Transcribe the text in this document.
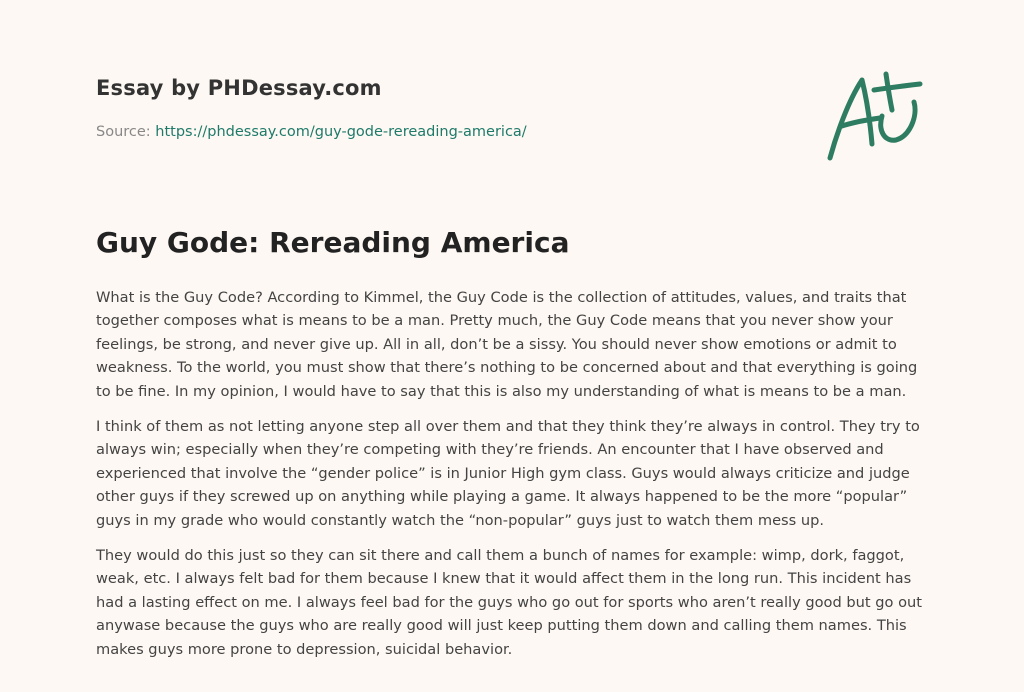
Essay by PHDessay.com
Source: https://phdessay.com/guy-gode-rereading-america/
Guy Gode: Rereading America

What is the Guy Code? According to Kimmel, the Guy Code is the collection of attitudes, values, and traits that together composes what is means to be a man. Pretty much, the Guy Code means that you never show your feelings, be strong, and never give up. All in all, don’t be a sissy. You should never show emotions or admit to weakness. To the world, you must show that there’s nothing to be concerned about and that everything is going to be fine. In my opinion, I would have to say that this is also my understanding of what is means to be a man.

I think of them as not letting anyone step all over them and that they think they’re always in control. They try to always win; especially when they’re competing with they’re friends. An encounter that I have observed and experienced that involve the “gender police” is in Junior High gym class. Guys would always criticize and judge other guys if they screwed up on anything while playing a game. It always happened to be the more “popular” guys in my grade who would constantly watch the “non-popular” guys just to watch them mess up.

They would do this just so they can sit there and call them a bunch of names for example: wimp, dork, faggot, weak, etc. I always felt bad for them because I knew that it would affect them in the long run. This incident has had a lasting effect on me. I always feel bad for the guys who go out for sports who aren’t really good but go out anywase because the guys who are really good will just keep putting them down and calling them names. This makes guys more prone to depression, suicidal behavior.
